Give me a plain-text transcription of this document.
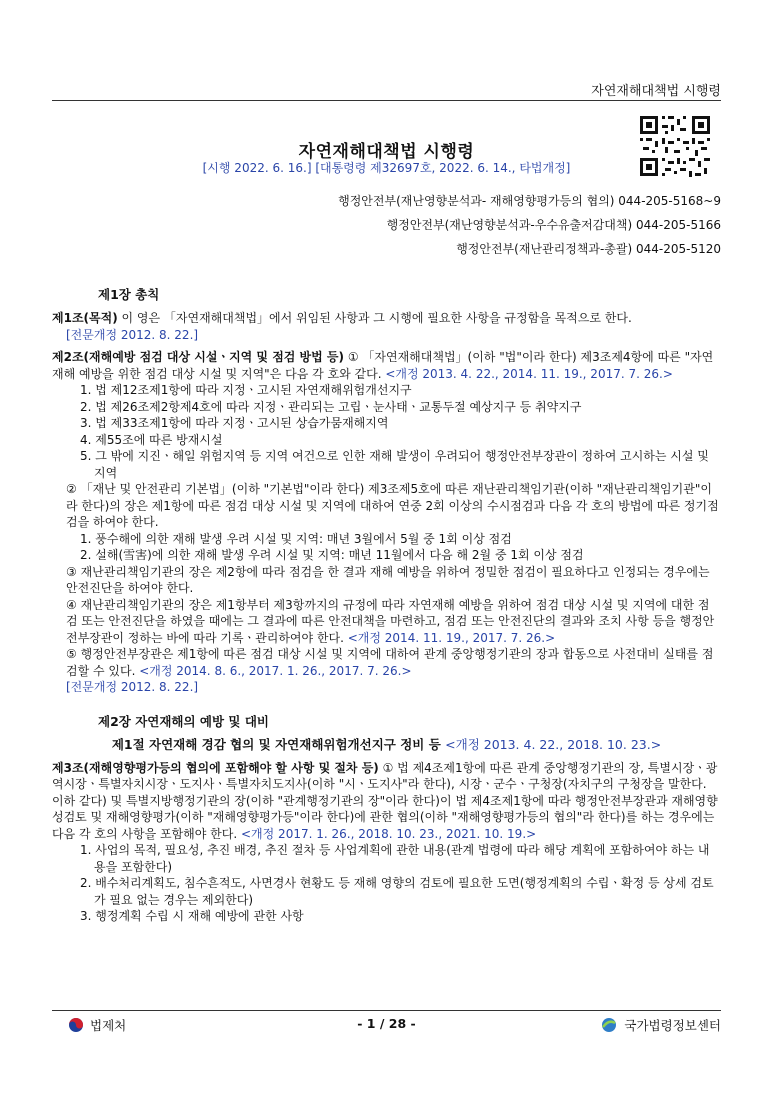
자연재해대책법 시행령
자연재해대책법 시행령
[시행 2022. 6. 16.] [대통령령 제32697호, 2022. 6. 14., 타법개정]
행정안전부(재난영향분석과- 재해영향평가등의 협의) 044-205-5168~9
행정안전부(재난영향분석과-우수유출저감대책) 044-205-5166
행정안전부(재난관리정책과-총괄) 044-205-5120
제1장 총칙
제1조(목적) 이 영은 「자연재해대책법」에서 위임된 사항과 그 시행에 필요한 사항을 규정함을 목적으로 한다.
[전문개정 2012. 8. 22.]
제2조(재해예방 점검 대상 시설ㆍ지역 및 점검 방법 등) ① 「자연재해대책법」(이하 "법"이라 한다) 제3조제4항에 따른 "자연재해 예방을 위한 점검 대상 시설 및 지역"은 다음 각 호와 같다. <개정 2013. 4. 22., 2014. 11. 19., 2017. 7. 26.>
1. 법 제12조제1항에 따라 지정ㆍ고시된 자연재해위험개선지구
2. 법 제26조제2항제4호에 따라 지정ㆍ관리되는 고립ㆍ눈사태ㆍ교통두절 예상지구 등 취약지구
3. 법 제33조제1항에 따라 지정ㆍ고시된 상습가뭄재해지역
4. 제55조에 따른 방재시설
5. 그 밖에 지진ㆍ해일 위험지역 등 지역 여건으로 인한 재해 발생이 우려되어 행정안전부장관이 정하여 고시하는 시설 및 지역
② 「재난 및 안전관리 기본법」(이하 "기본법"이라 한다) 제3조제5호에 따른 재난관리책임기관(이하 "재난관리책임기관"이라 한다)의 장은 제1항에 따른 점검 대상 시설 및 지역에 대하여 연중 2회 이상의 수시점검과 다음 각 호의 방법에 따른 정기점검을 하여야 한다.
1. 풍수해에 의한 재해 발생 우려 시설 및 지역: 매년 3월에서 5월 중 1회 이상 점검
2. 설해(雪害)에 의한 재해 발생 우려 시설 및 지역: 매년 11월에서 다음 해 2월 중 1회 이상 점검
③ 재난관리책임기관의 장은 제2항에 따라 점검을 한 결과 재해 예방을 위하여 정밀한 점검이 필요하다고 인정되는 경우에는 안전진단을 하여야 한다.
④ 재난관리책임기관의 장은 제1항부터 제3항까지의 규정에 따라 자연재해 예방을 위하여 점검 대상 시설 및 지역에 대한 점검 또는 안전진단을 하였을 때에는 그 결과에 따른 안전대책을 마련하고, 점검 또는 안전진단의 결과와 조치 사항 등을 행정안전부장관이 정하는 바에 따라 기록ㆍ관리하여야 한다. <개정 2014. 11. 19., 2017. 7. 26.>
⑤ 행정안전부장관은 제1항에 따른 점검 대상 시설 및 지역에 대하여 관계 중앙행정기관의 장과 합동으로 사전대비 실태를 점검할 수 있다. <개정 2014. 8. 6., 2017. 1. 26., 2017. 7. 26.>
[전문개정 2012. 8. 22.]
제2장 자연재해의 예방 및 대비
제1절 자연재해 경감 협의 및 자연재해위험개선지구 정비 등 <개정 2013. 4. 22., 2018. 10. 23.>
제3조(재해영향평가등의 협의에 포함해야 할 사항 및 절차 등) ① 법 제4조제1항에 따른 관계 중앙행정기관의 장, 특별시장ㆍ광역시장ㆍ특별자치시장ㆍ도지사ㆍ특별자치도지사(이하 "시ㆍ도지사"라 한다), 시장ㆍ군수ㆍ구청장(자치구의 구청장을 말한다. 이하 같다) 및 특별지방행정기관의 장(이하 "관계행정기관의 장"이라 한다)이 법 제4조제1항에 따라 행정안전부장관과 재해영향성검토 및 재해영향평가(이하 "재해영향평가등"이라 한다)에 관한 협의(이하 "재해영향평가등의 협의"라 한다)를 하는 경우에는 다음 각 호의 사항을 포함해야 한다. <개정 2017. 1. 26., 2018. 10. 23., 2021. 10. 19.>
1. 사업의 목적, 필요성, 추진 배경, 추진 절차 등 사업계획에 관한 내용(관계 법령에 따라 해당 계획에 포함하여야 하는 내용을 포함한다)
2. 배수처리계획도, 침수흔적도, 사면경사 현황도 등 재해 영향의 검토에 필요한 도면(행정계획의 수립ㆍ확정 등 상세 검토가 필요 없는 경우는 제외한다)
3. 행정계획 수립 시 재해 예방에 관한 사항
법제처	- 1 / 28 -	국가법령정보센터
